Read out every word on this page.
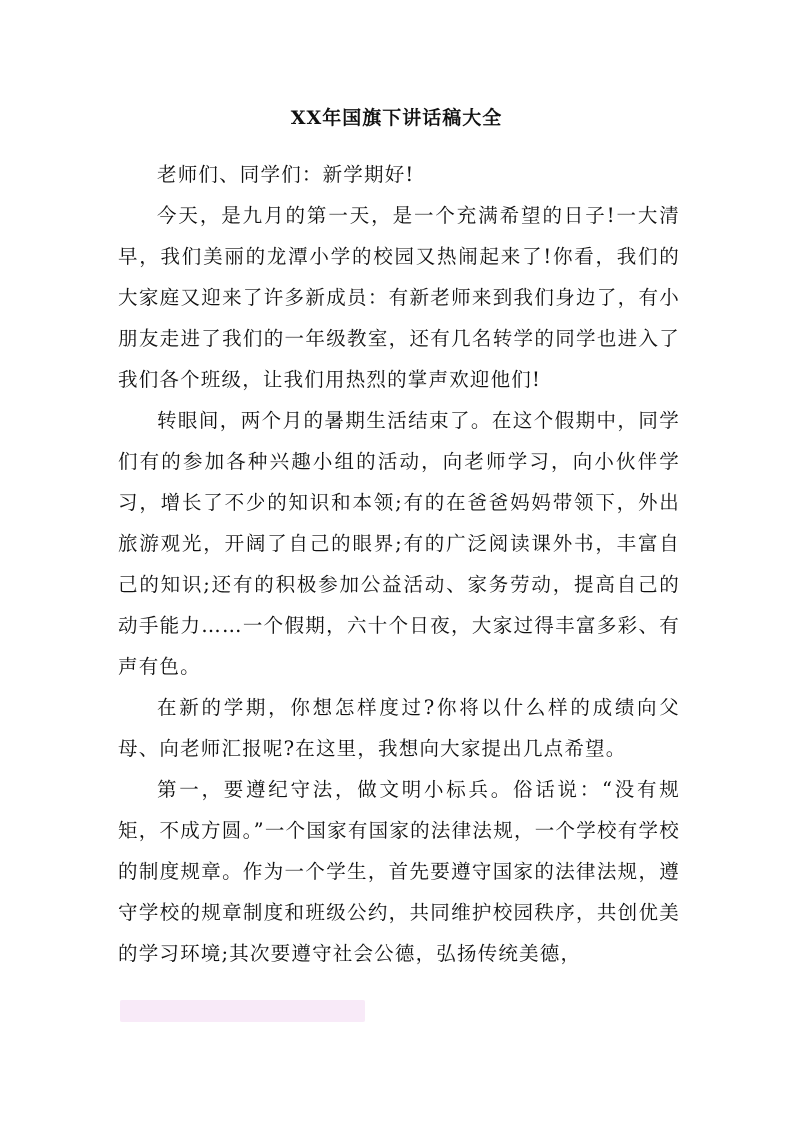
XX年国旗下讲话稿大全

老师们、同学们：新学期好!

今天，是九月的第一天，是一个充满希望的日子!一大清早，我们美丽的龙潭小学的校园又热闹起来了!你看，我们的大家庭又迎来了许多新成员：有新老师来到我们身边了，有小朋友走进了我们的一年级教室，还有几名转学的同学也进入了我们各个班级，让我们用热烈的掌声欢迎他们!

转眼间，两个月的暑期生活结束了。在这个假期中，同学们有的参加各种兴趣小组的活动，向老师学习，向小伙伴学习，增长了不少的知识和本领;有的在爸爸妈妈带领下，外出旅游观光，开阔了自己的眼界;有的广泛阅读课外书，丰富自己的知识;还有的积极参加公益活动、家务劳动，提高自己的动手能力……一个假期，六十个日夜，大家过得丰富多彩、有声有色。

在新的学期，你想怎样度过?你将以什么样的成绩向父母、向老师汇报呢?在这里，我想向大家提出几点希望。

第一，要遵纪守法，做文明小标兵。俗话说：“没有规矩，不成方圆。”一个国家有国家的法律法规，一个学校有学校的制度规章。作为一个学生，首先要遵守国家的法律法规，遵守学校的规章制度和班级公约，共同维护校园秩序，共创优美的学习环境;其次要遵守社会公德，弘扬传统美德，
